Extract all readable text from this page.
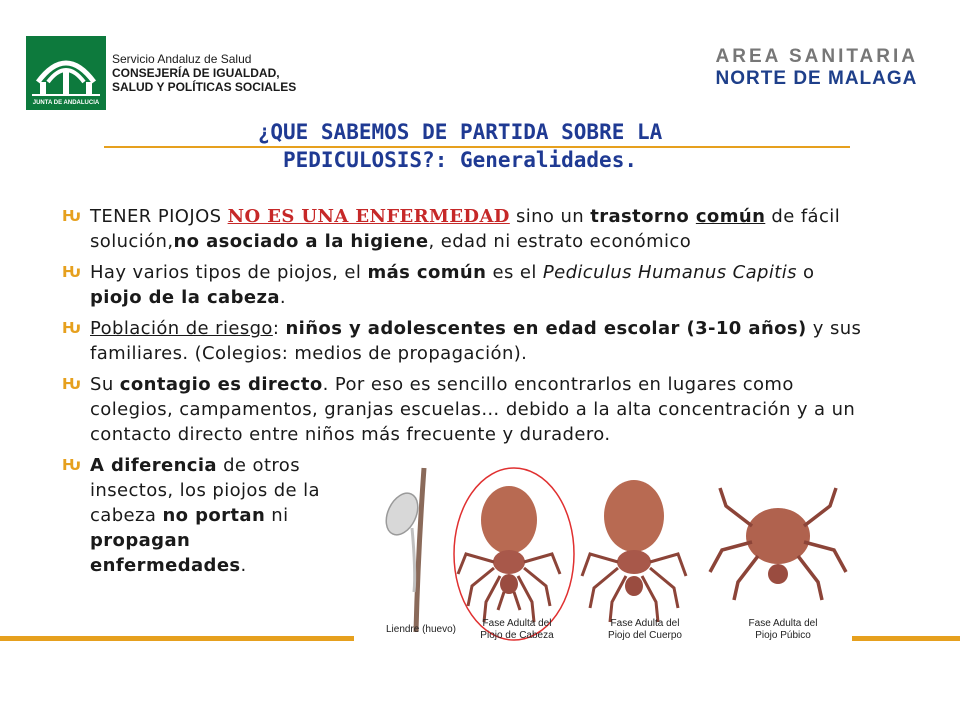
JUNTA DE ANDALUCIA
Servicio Andaluz de Salud
CONSEJERÍA DE IGUALDAD,
SALUD Y POLÍTICAS SOCIALES
AREA SANITARIA
NORTE DE MALAGA
¿QUE SABEMOS DE PARTIDA SOBRE LA
PEDICULOSIS?: Generalidades.
Ƕ TENER PIOJOS NO ES UNA ENFERMEDAD sino un trastorno común de fácil solución,no asociado a la higiene, edad ni estrato económico
Ƕ Hay varios tipos de piojos, el más común es el Pediculus Humanus Capitis o piojo de la cabeza.
Ƕ Población de riesgo: niños y adolescentes en edad escolar (3-10 años) y sus familiares. (Colegios: medios de propagación).
Ƕ Su contagio es directo. Por eso es sencillo encontrarlos en lugares como colegios, campamentos, granjas escuelas… debido a la alta concentración y a un contacto directo entre niños más frecuente y duradero.
Ƕ A diferencia de otros insectos, los piojos de la cabeza no portan ni propagan enfermedades.
Liendre (huevo)
Fase Adulta del
Piojo de Cabeza
Fase Adulta del
Piojo del Cuerpo
Fase Adulta del
Piojo Púbico
